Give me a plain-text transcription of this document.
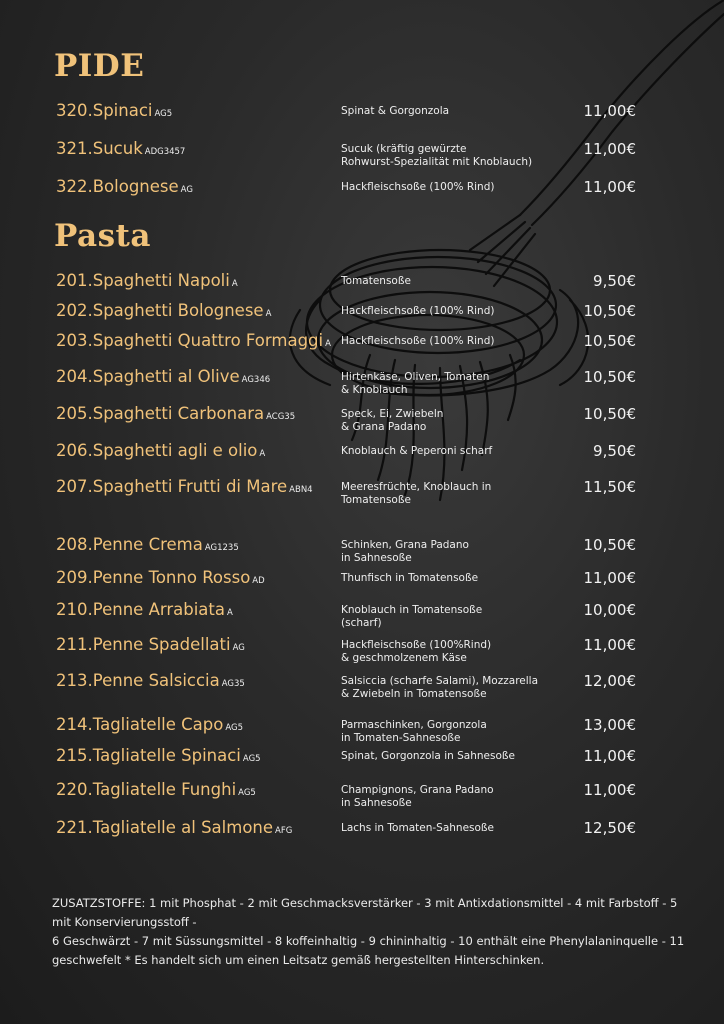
PIDE
320.Spinaci AG5	Spinat & Gorgonzola	11,00€
321.Sucuk ADG3457	Sucuk (kräftig gewürzte
Rohwurst-Spezialität mit Knoblauch)
11,00€
322.Bolognese AG	Hackfleischsoße (100% Rind)	11,00€
Pasta
201.Spaghetti Napoli A	Tomatensoße	9,50€
202.Spaghetti Bolognese A	Hackfleischsoße (100% Rind)	10,50€
203.Spaghetti Quattro Formaggi A Hackfleischsoße (100% Rind)	10,50€
204.Spaghetti al Olive AG346	Hirtenkäse, Oliven, Tomaten
& Knoblauch
10,50€
205.Spaghetti Carbonara ACG35	Speck, Ei, Zwiebeln
& Grana Padano
10,50€
206.Spaghetti agli e olio A	Knoblauch & Peperoni scharf	9,50€
207.Spaghetti Frutti di Mare ABN4	Meeresfrüchte, Knoblauch in
Tomatensoße
11,50€
208.Penne Crema AG1235	Schinken, Grana Padano
in Sahnesoße
10,50€
209.Penne Tonno Rosso AD	Thunfisch in Tomatensoße	11,00€
210.Penne Arrabiata A	Knoblauch in Tomatensoße
(scharf)
10,00€
211.Penne Spadellati AG	Hackfleischsoße (100%Rind)
& geschmolzenem Käse
11,00€
213.Penne Salsiccia AG35	Salsiccia (scharfe Salami), Mozzarella
& Zwiebeln in Tomatensoße
12,00€
214.Tagliatelle Capo AG5	Parmaschinken, Gorgonzola
in Tomaten-Sahnesoße
13,00€
215.Tagliatelle Spinaci AG5	Spinat, Gorgonzola in Sahnesoße	11,00€
220.Tagliatelle Funghi AG5	Champignons, Grana Padano
in Sahnesoße
11,00€
221.Tagliatelle al Salmone AFG	Lachs in Tomaten-Sahnesoße	12,50€
ZUSATZSTOFFE: 1 mit Phosphat - 2 mit Geschmacksverstärker - 3 mit Antixdationsmittel - 4 mit Farbstoff - 5 mit Konservierungsstoff -
6 Geschwärzt - 7 mit Süssungsmittel - 8 koffeinhaltig - 9 chininhaltig - 10 enthält eine Phenylalaninquelle - 11 geschwefelt * Es handelt sich um einen Leitsatz gemäß hergestellten Hinterschinken.
